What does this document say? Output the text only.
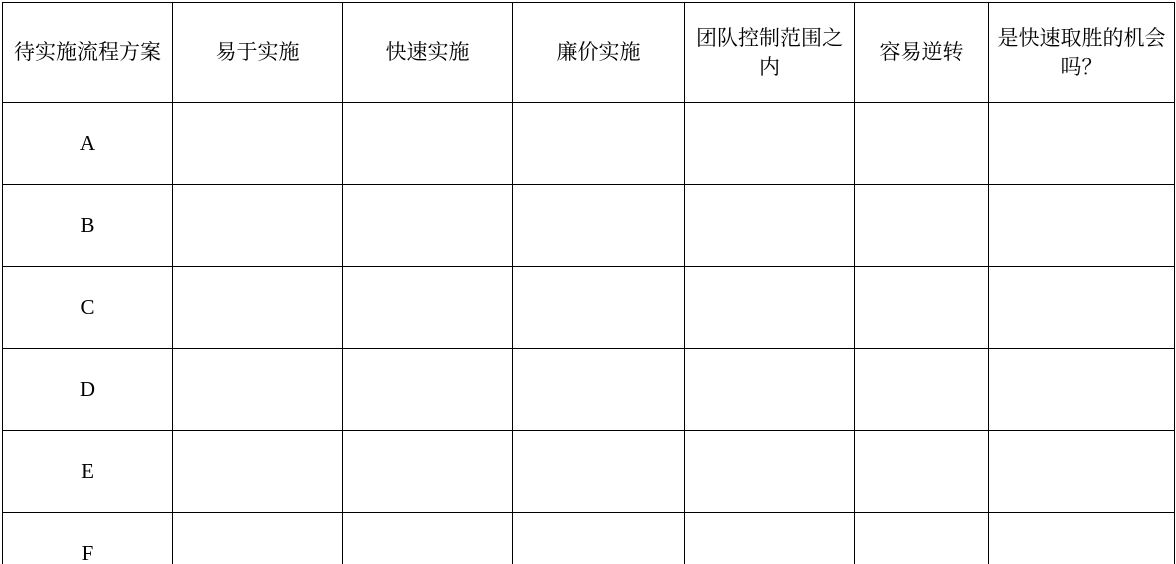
待实施流程方案	易于实施	快速实施	廉价实施	团队控制范围之内	容易逆转	是快速取胜的机会吗？
A						
B						
C						
D						
E						
F						
